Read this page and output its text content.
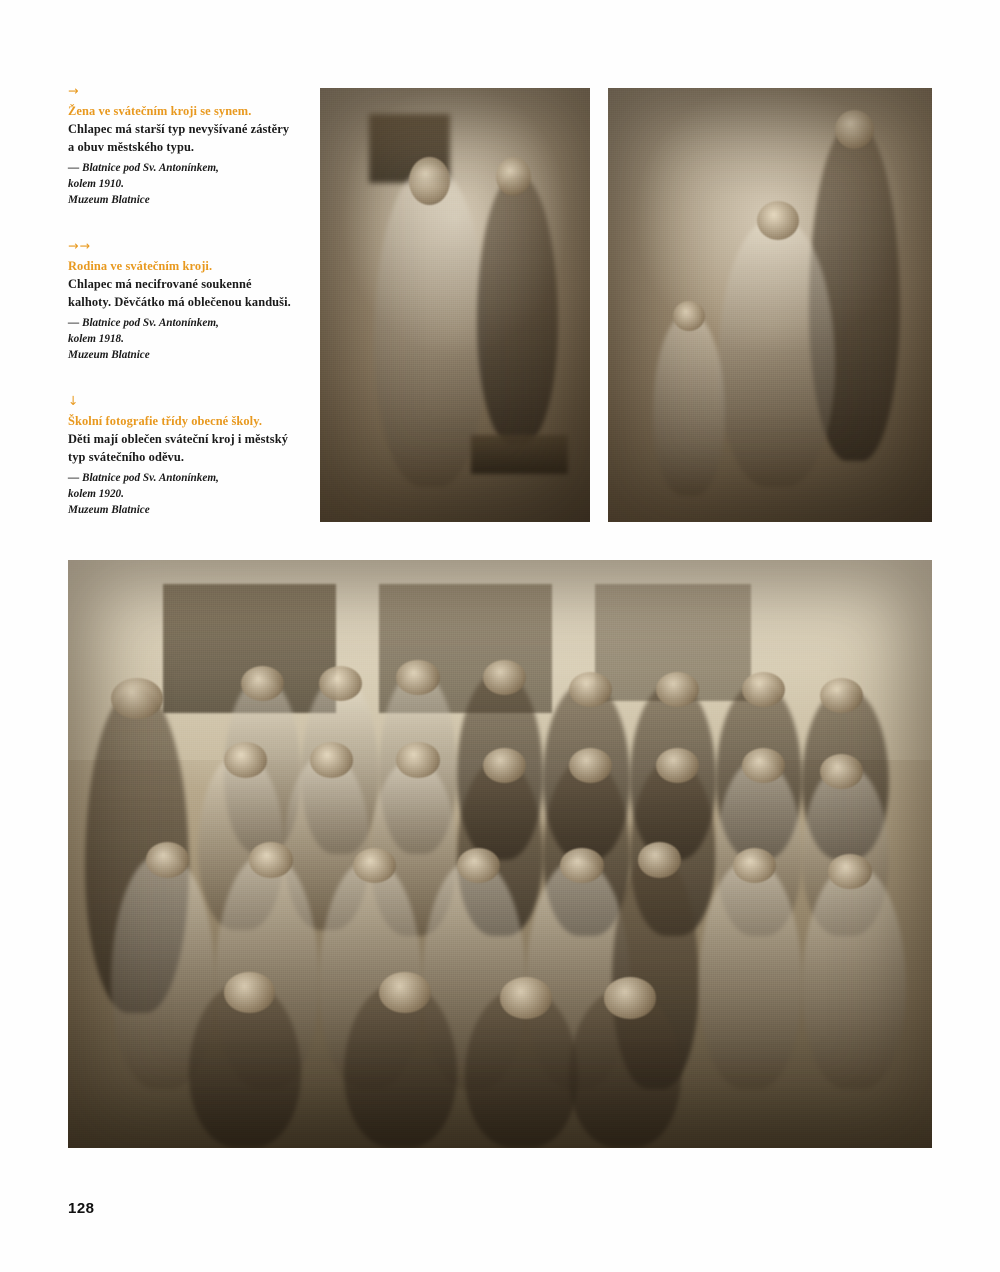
→
Žena ve svátečním kroji se synem.
Chlapec má starší typ nevyšívané zástěry a obuv městského typu.
— Blatnice pod Sv. Antonínkem,
kolem 1910.
Muzeum Blatnice
→→
Rodina ve svátečním kroji.
Chlapec má necifrované soukenné kalhoty. Děvčátko má oblečenou kanduši.
— Blatnice pod Sv. Antonínkem,
kolem 1918.
Muzeum Blatnice
↓
Školní fotografie třídy obecné školy.
Děti mají oblečen sváteční kroj i městský typ svátečního oděvu.
— Blatnice pod Sv. Antonínkem,
kolem 1920.
Muzeum Blatnice
128
